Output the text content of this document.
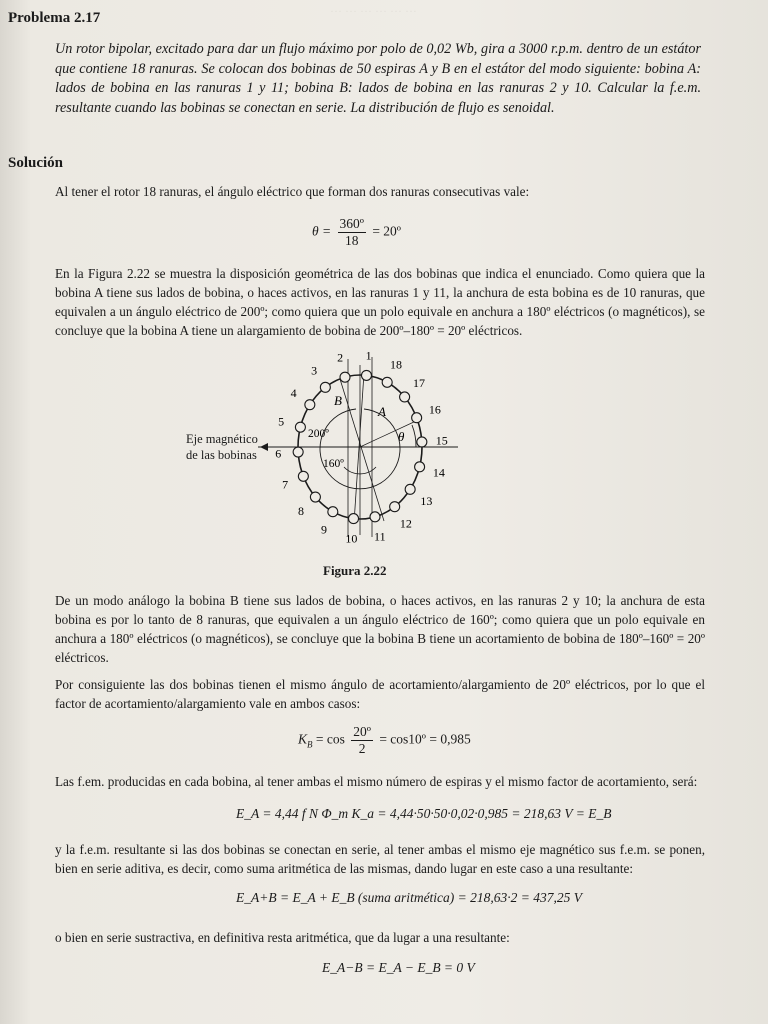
··· ··· ··· ··· ··· ···
Problema 2.17
Un rotor bipolar, excitado para dar un flujo máximo por polo de 0,02 Wb, gira a 3000 r.p.m. dentro de un estátor que contiene 18 ranuras. Se colocan dos bobinas de 50 espiras A y B en el estátor del modo siguiente: bobina A: lados de bobina en las ranuras 1 y 11; bobina B: lados de bobina en las ranuras 2 y 10. Calcular la f.e.m. resultante cuando las bobinas se conectan en serie. La distribución de flujo es senoidal.
Solución
Al tener el rotor 18 ranuras, el ángulo eléctrico que forman dos ranuras consecutivas vale:
$\theta = \frac{\text{360º}}{18}$ = 20º
En la Figura 2.22 se muestra la disposición geométrica de las dos bobinas que indica el enunciado. Como quiera que la bobina A tiene sus lados de bobina, o haces activos, en las ranuras 1 y 11, la anchura de esta bobina es de 10 ranuras, que equivalen a un ángulo eléctrico de 200º; como quiera que un polo equivale en anchura a 180º eléctricos (o magnéticos), se concluye que la bobina A tiene un alargamiento de bobina de 200º–180º = 20º eléctricos.
1
2
3
4
5
6
7
8
9
10 11
12
13
14
15
16
17
18
B
A
200º
160º
θ
Eje magnético
de las bobinas
Figura 2.22
De un modo análogo la bobina B tiene sus lados de bobina, o haces activos, en las ranuras 2 y 10; la anchura de esta bobina es por lo tanto de 8 ranuras, que equivalen a un ángulo eléctrico de 160º; como quiera que un polo equivale en anchura a 180º eléctricos (o magnéticos), se concluye que la bobina B tiene un acortamiento de bobina de 180º–160º = 20º eléctricos.
Por consiguiente las dos bobinas tienen el mismo ángulo de acortamiento/alargamiento de 20º eléctricos, por lo que el factor de acortamiento/alargamiento vale en ambos casos:
$K_B = \cos \frac{\text{20º}}{2}$ = cos10º = 0,985
Las f.em. producidas en cada bobina, al tener ambas el mismo número de espiras y el mismo factor de acortamiento, será:
E_A = 4,44 f N Φ_m K_a = 4,44·50·50·0,02·0,985 = 218,63 V = E_B
y la f.e.m. resultante si las dos bobinas se conectan en serie, al tener ambas el mismo eje magnético sus f.e.m. se ponen, bien en serie aditiva, es decir, como suma aritmética de las mismas, dando lugar en este caso a una resultante:
E_A+B = E_A + E_B (suma aritmética) = 218,63·2 = 437,25 V
o bien en serie sustractiva, en definitiva resta aritmética, que da lugar a una resultante:
E_A−B = E_A − E_B = 0 V
